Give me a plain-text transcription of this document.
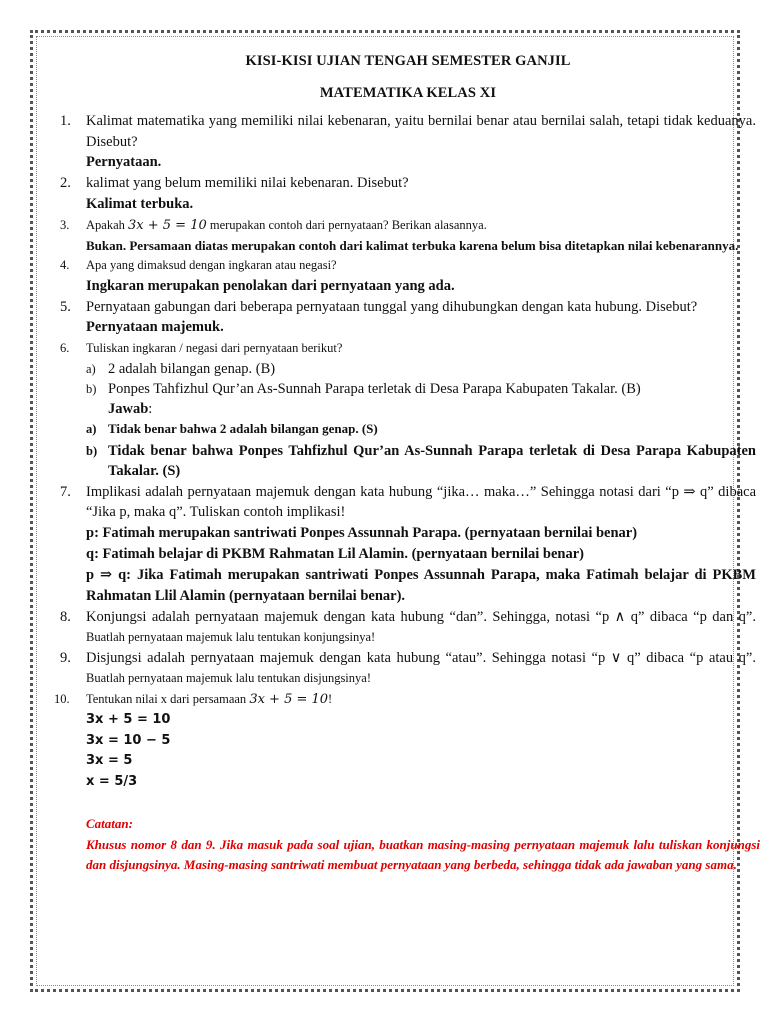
KISI-KISI UJIAN TENGAH SEMESTER GANJIL

MATEMATIKA KELAS XI

1. Kalimat matematika yang memiliki nilai kebenaran, yaitu bernilai benar atau bernilai salah, tetapi tidak keduanya. Disebut?
Pernyataan.
2. kalimat yang belum memiliki nilai kebenaran. Disebut?
Kalimat terbuka.
3. Apakah 3x + 5 = 10 merupakan contoh dari pernyataan? Berikan alasannya.
Bukan. Persamaan diatas merupakan contoh dari kalimat terbuka karena belum bisa ditetapkan nilai kebenarannya.
4. Apa yang dimaksud dengan ingkaran atau negasi?
Ingkaran merupakan penolakan dari pernyataan yang ada.
5. Pernyataan gabungan dari beberapa pernyataan tunggal yang dihubungkan dengan kata hubung. Disebut?
Pernyataan majemuk.
6. Tuliskan ingkaran / negasi dari pernyataan berikut?
a) 2 adalah bilangan genap. (B)
b) Ponpes Tahfizhul Qur’an As-Sunnah Parapa terletak di Desa Parapa Kabupaten Takalar. (B)
Jawab:
a) Tidak benar bahwa 2 adalah bilangan genap. (S)
b) Tidak benar bahwa Ponpes Tahfizhul Qur’an As-Sunnah Parapa terletak di Desa Parapa Kabupaten Takalar. (S)
7. Implikasi adalah pernyataan majemuk dengan kata hubung “jika… maka…” Sehingga notasi dari “p ⇒ q” dibaca “Jika p, maka q”. Tuliskan contoh implikasi!
p: Fatimah merupakan santriwati Ponpes Assunnah Parapa. (pernyataan bernilai benar)
q: Fatimah belajar di PKBM Rahmatan Lil Alamin. (pernyataan bernilai benar)
p ⇒ q: Jika Fatimah merupakan santriwati Ponpes Assunnah Parapa, maka Fatimah belajar di PKBM Rahmatan Llil Alamin (pernyataan bernilai benar).
8. Konjungsi adalah pernyataan majemuk dengan kata hubung “dan”. Sehingga, notasi “p ∧ q” dibaca “p dan q”. Buatlah pernyataan majemuk lalu tentukan konjungsinya!
9. Disjungsi adalah pernyataan majemuk dengan kata hubung “atau”. Sehingga notasi “p ∨ q” dibaca “p atau q”. Buatlah pernyataan majemuk lalu tentukan disjungsinya!
10. Tentukan nilai x dari persamaan 3x + 5 = 10!
3x + 5 = 10
3x = 10 − 5
3x = 5
x = 5/3
Catatan:
Khusus nomor 8 dan 9. Jika masuk pada soal ujian, buatkan masing-masing pernyataan majemuk lalu tuliskan konjungsi dan disjungsinya. Masing-masing santriwati membuat pernyataan yang berbeda, sehingga tidak ada jawaban yang sama.
